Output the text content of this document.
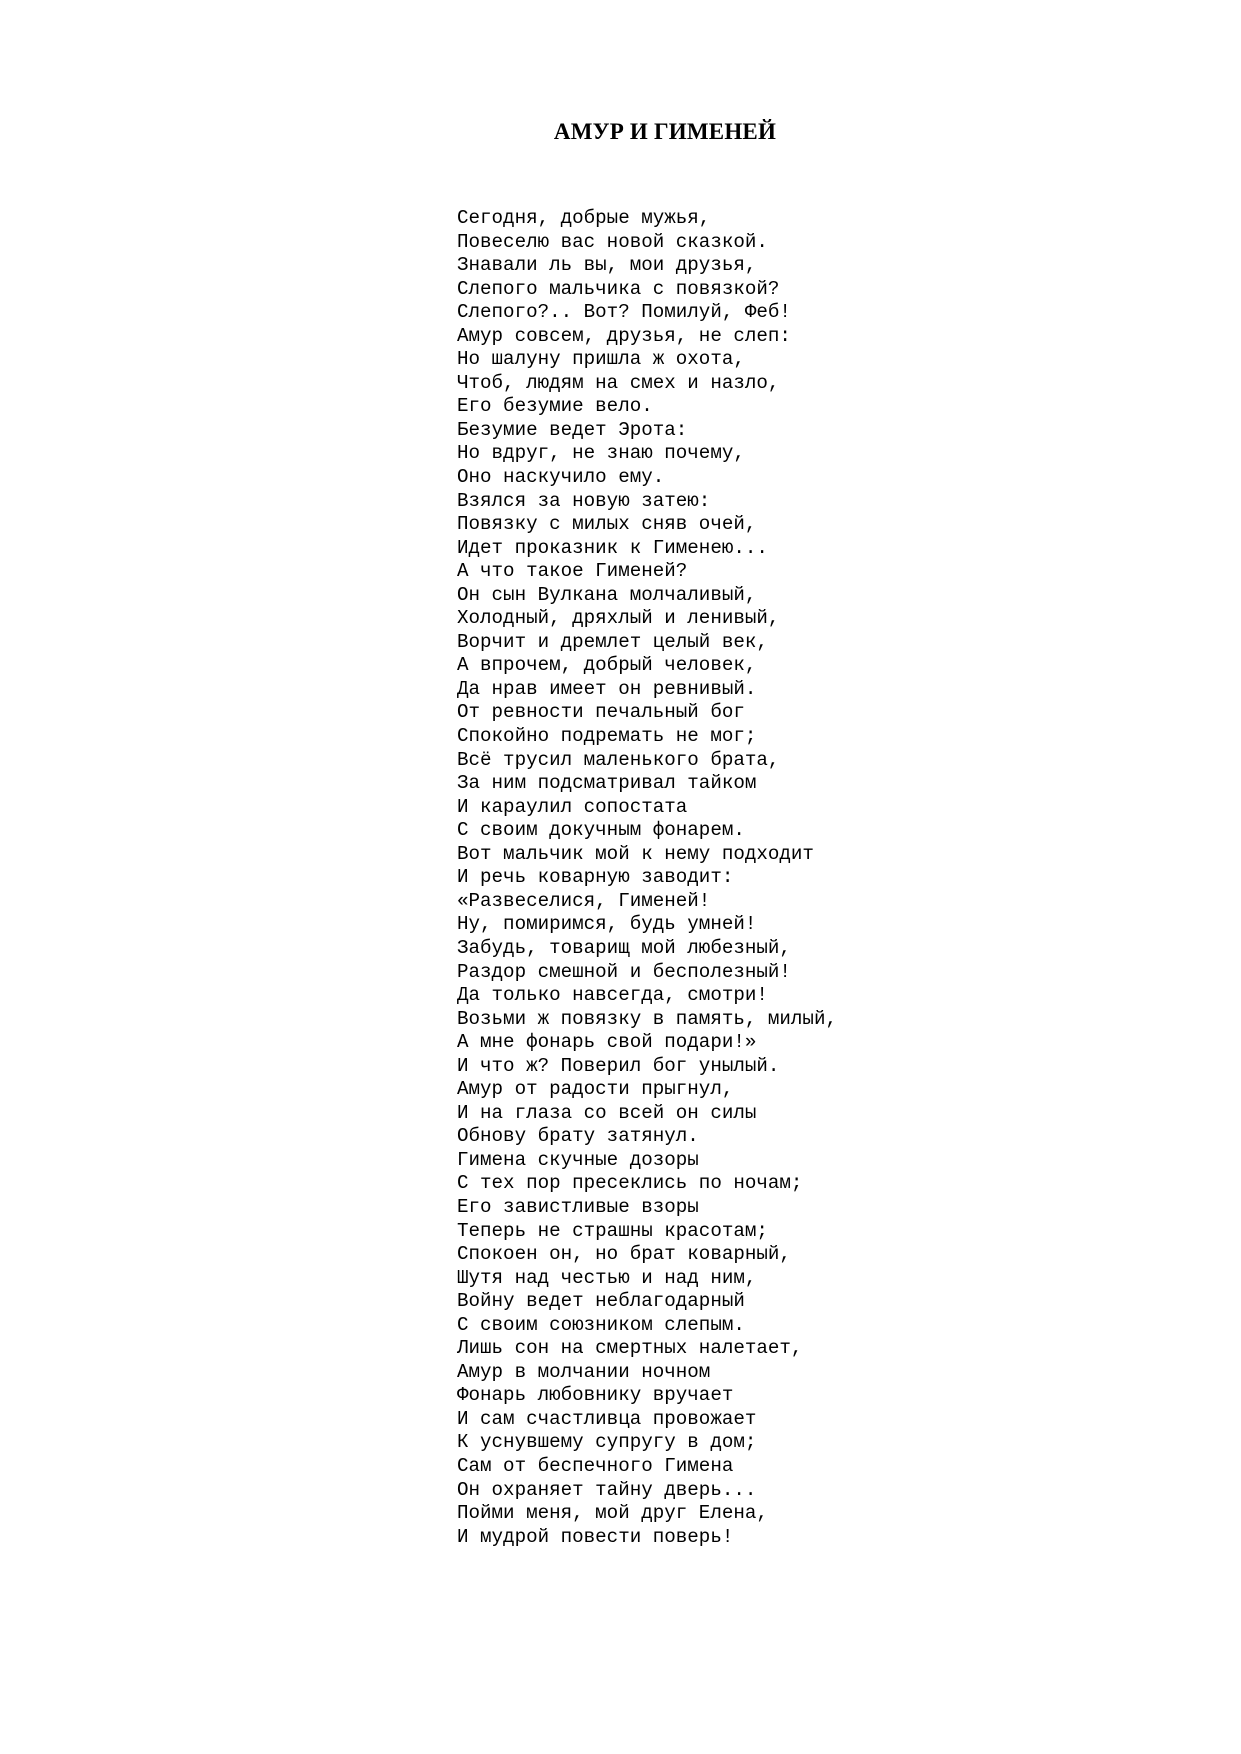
АМУР И ГИМЕНЕЙ
Сегодня, добрые мужья,
Повеселю вас новой сказкой.
Знавали ль вы, мои друзья,
Слепого мальчика с повязкой?
Слепого?.. Вот? Помилуй, Феб!
Амур совсем, друзья, не слеп:
Но шалуну пришла ж охота,
Чтоб, людям на смех и назло,
Его безумие вело.
Безумие ведет Эрота:
Но вдруг, не знаю почему,
Оно наскучило ему.
Взялся за новую затею:
Повязку с милых сняв очей,
Идет проказник к Гименею...
А что такое Гименей?
Он сын Вулкана молчаливый,
Холодный, дряхлый и ленивый,
Ворчит и дремлет целый век,
А впрочем, добрый человек,
Да нрав имеет он ревнивый.
От ревности печальный бог
Спокойно подремать не мог;
Всё трусил маленького брата,
За ним подсматривал тайком
И караулил сопостата
С своим докучным фонарем.
Вот мальчик мой к нему подходит
И речь коварную заводит:
«Развеселися, Гименей!
Ну, помиримся, будь умней!
Забудь, товарищ мой любезный,
Раздор смешной и бесполезный!
Да только навсегда, смотри!
Возьми ж повязку в память, милый,
А мне фонарь свой подари!»
И что ж? Поверил бог унылый.
Амур от радости прыгнул,
И на глаза со всей он силы
Обнову брату затянул.
Гимена скучные дозоры
С тех пор пресеклись по ночам;
Его завистливые взоры
Теперь не страшны красотам;
Спокоен он, но брат коварный,
Шутя над честью и над ним,
Войну ведет неблагодарный
С своим союзником слепым.
Лишь сон на смертных налетает,
Амур в молчании ночном
Фонарь любовнику вручает
И сам счастливца провожает
К уснувшему супругу в дом;
Сам от беспечного Гимена
Он охраняет тайну дверь...
Пойми меня, мой друг Елена,
И мудрой повести поверь!
